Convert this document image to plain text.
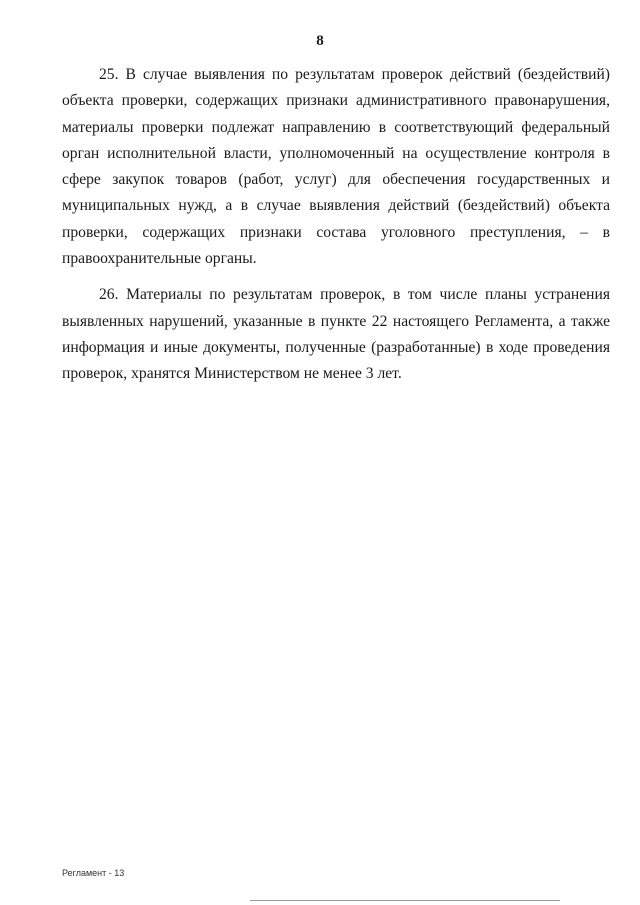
8

25. В случае выявления по результатам проверок действий (бездействий) объекта проверки, содержащих признаки административного правонарушения, материалы проверки подлежат направлению в соответствующий федеральный орган исполнительной власти, уполномоченный на осуществление контроля в сфере закупок товаров (работ, услуг) для обеспечения государственных и муниципальных нужд, а в случае выявления действий (бездействий) объекта проверки, содержащих признаки состава уголовного преступления, – в правоохранительные органы.

26. Материалы по результатам проверок, в том числе планы устранения выявленных нарушений, указанные в пункте 22 настоящего Регламента, а также информация и иные документы, полученные (разработанные) в ходе проведения проверок, хранятся Министерством не менее 3 лет.

Регламент - 13
